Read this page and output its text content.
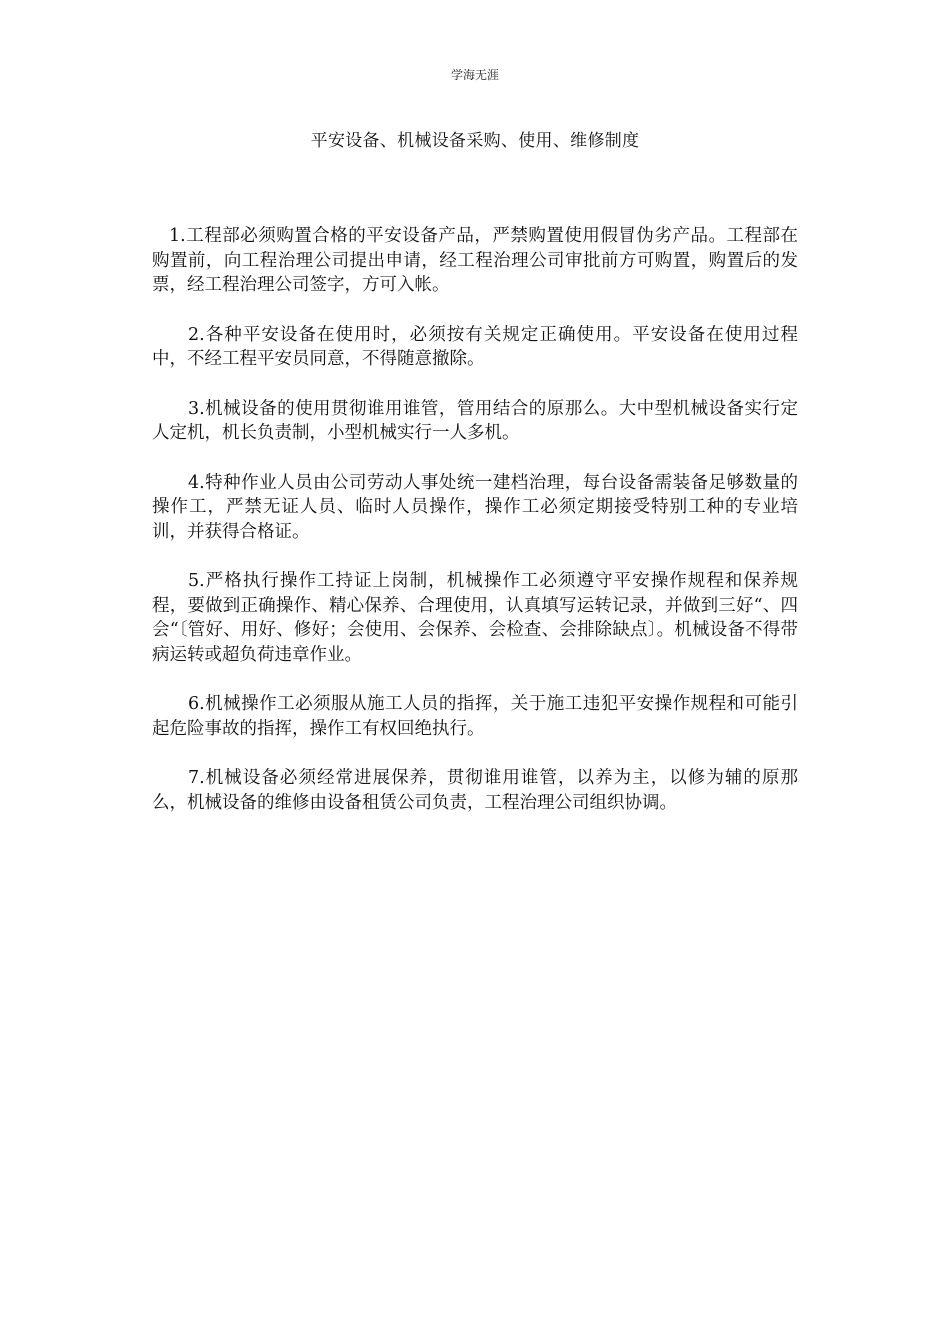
学海无涯
平安设备、机械设备采购、使用、维修制度

1.工程部必须购置合格的平安设备产品，严禁购置使用假冒伪劣产品。工程部在购置前，向工程治理公司提出申请，经工程治理公司审批前方可购置，购置后的发票，经工程治理公司签字，方可入帐。

2.各种平安设备在使用时，必须按有关规定正确使用。平安设备在使用过程中，不经工程平安员同意，不得随意撤除。

3.机械设备的使用贯彻谁用谁管，管用结合的原那么。大中型机械设备实行定人定机，机长负责制，小型机械实行一人多机。

4.特种作业人员由公司劳动人事处统一建档治理，每台设备需装备足够数量的操作工，严禁无证人员、临时人员操作，操作工必须定期接受特别工种的专业培训，并获得合格证。

5.严格执行操作工持证上岗制，机械操作工必须遵守平安操作规程和保养规程，要做到正确操作、精心保养、合理使用，认真填写运转记录，并做到三好“、四会“〔管好、用好、修好；会使用、会保养、会检查、会排除缺点〕。机械设备不得带病运转或超负荷违章作业。

6.机械操作工必须服从施工人员的指挥，关于施工违犯平安操作规程和可能引起危险事故的指挥，操作工有权回绝执行。

7.机械设备必须经常进展保养，贯彻谁用谁管，以养为主，以修为辅的原那么，机械设备的维修由设备租赁公司负责，工程治理公司组织协调。
